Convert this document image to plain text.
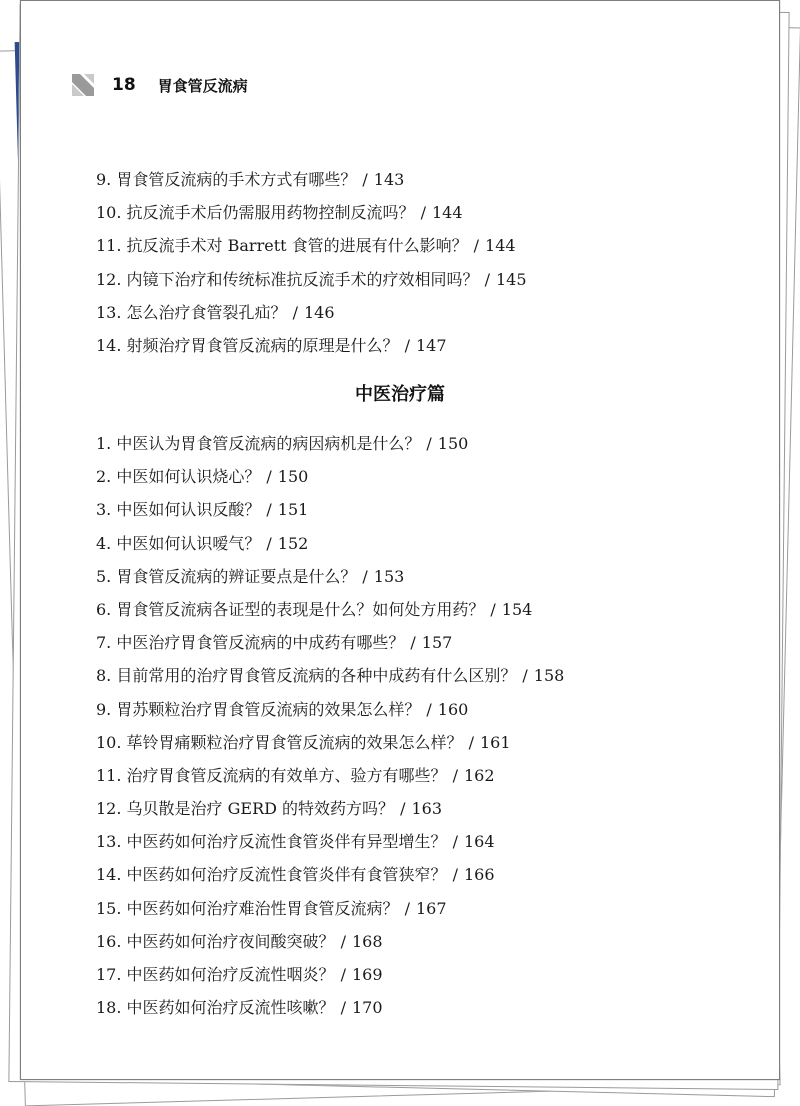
18 胃食管反流病
9. 胃食管反流病的手术方式有哪些？ / 143
10. 抗反流手术后仍需服用药物控制反流吗？ / 144
11. 抗反流手术对 Barrett 食管的进展有什么影响？ / 144
12. 内镜下治疗和传统标准抗反流手术的疗效相同吗？ / 145
13. 怎么治疗食管裂孔疝？ / 146
14. 射频治疗胃食管反流病的原理是什么？ / 147
中医治疗篇
1. 中医认为胃食管反流病的病因病机是什么？ / 150
2. 中医如何认识烧心？ / 150
3. 中医如何认识反酸？ / 151
4. 中医如何认识嗳气？ / 152
5. 胃食管反流病的辨证要点是什么？ / 153
6. 胃食管反流病各证型的表现是什么？如何处方用药？ / 154
7. 中医治疗胃食管反流病的中成药有哪些？ / 157
8. 目前常用的治疗胃食管反流病的各种中成药有什么区别？ / 158
9. 胃苏颗粒治疗胃食管反流病的效果怎么样？ / 160
10. 荜铃胃痛颗粒治疗胃食管反流病的效果怎么样？ / 161
11. 治疗胃食管反流病的有效单方、验方有哪些？ / 162
12. 乌贝散是治疗 GERD 的特效药方吗？ / 163
13. 中医药如何治疗反流性食管炎伴有异型增生？ / 164
14. 中医药如何治疗反流性食管炎伴有食管狭窄？ / 166
15. 中医药如何治疗难治性胃食管反流病？ / 167
16. 中医药如何治疗夜间酸突破？ / 168
17. 中医药如何治疗反流性咽炎？ / 169
18. 中医药如何治疗反流性咳嗽？ / 170
